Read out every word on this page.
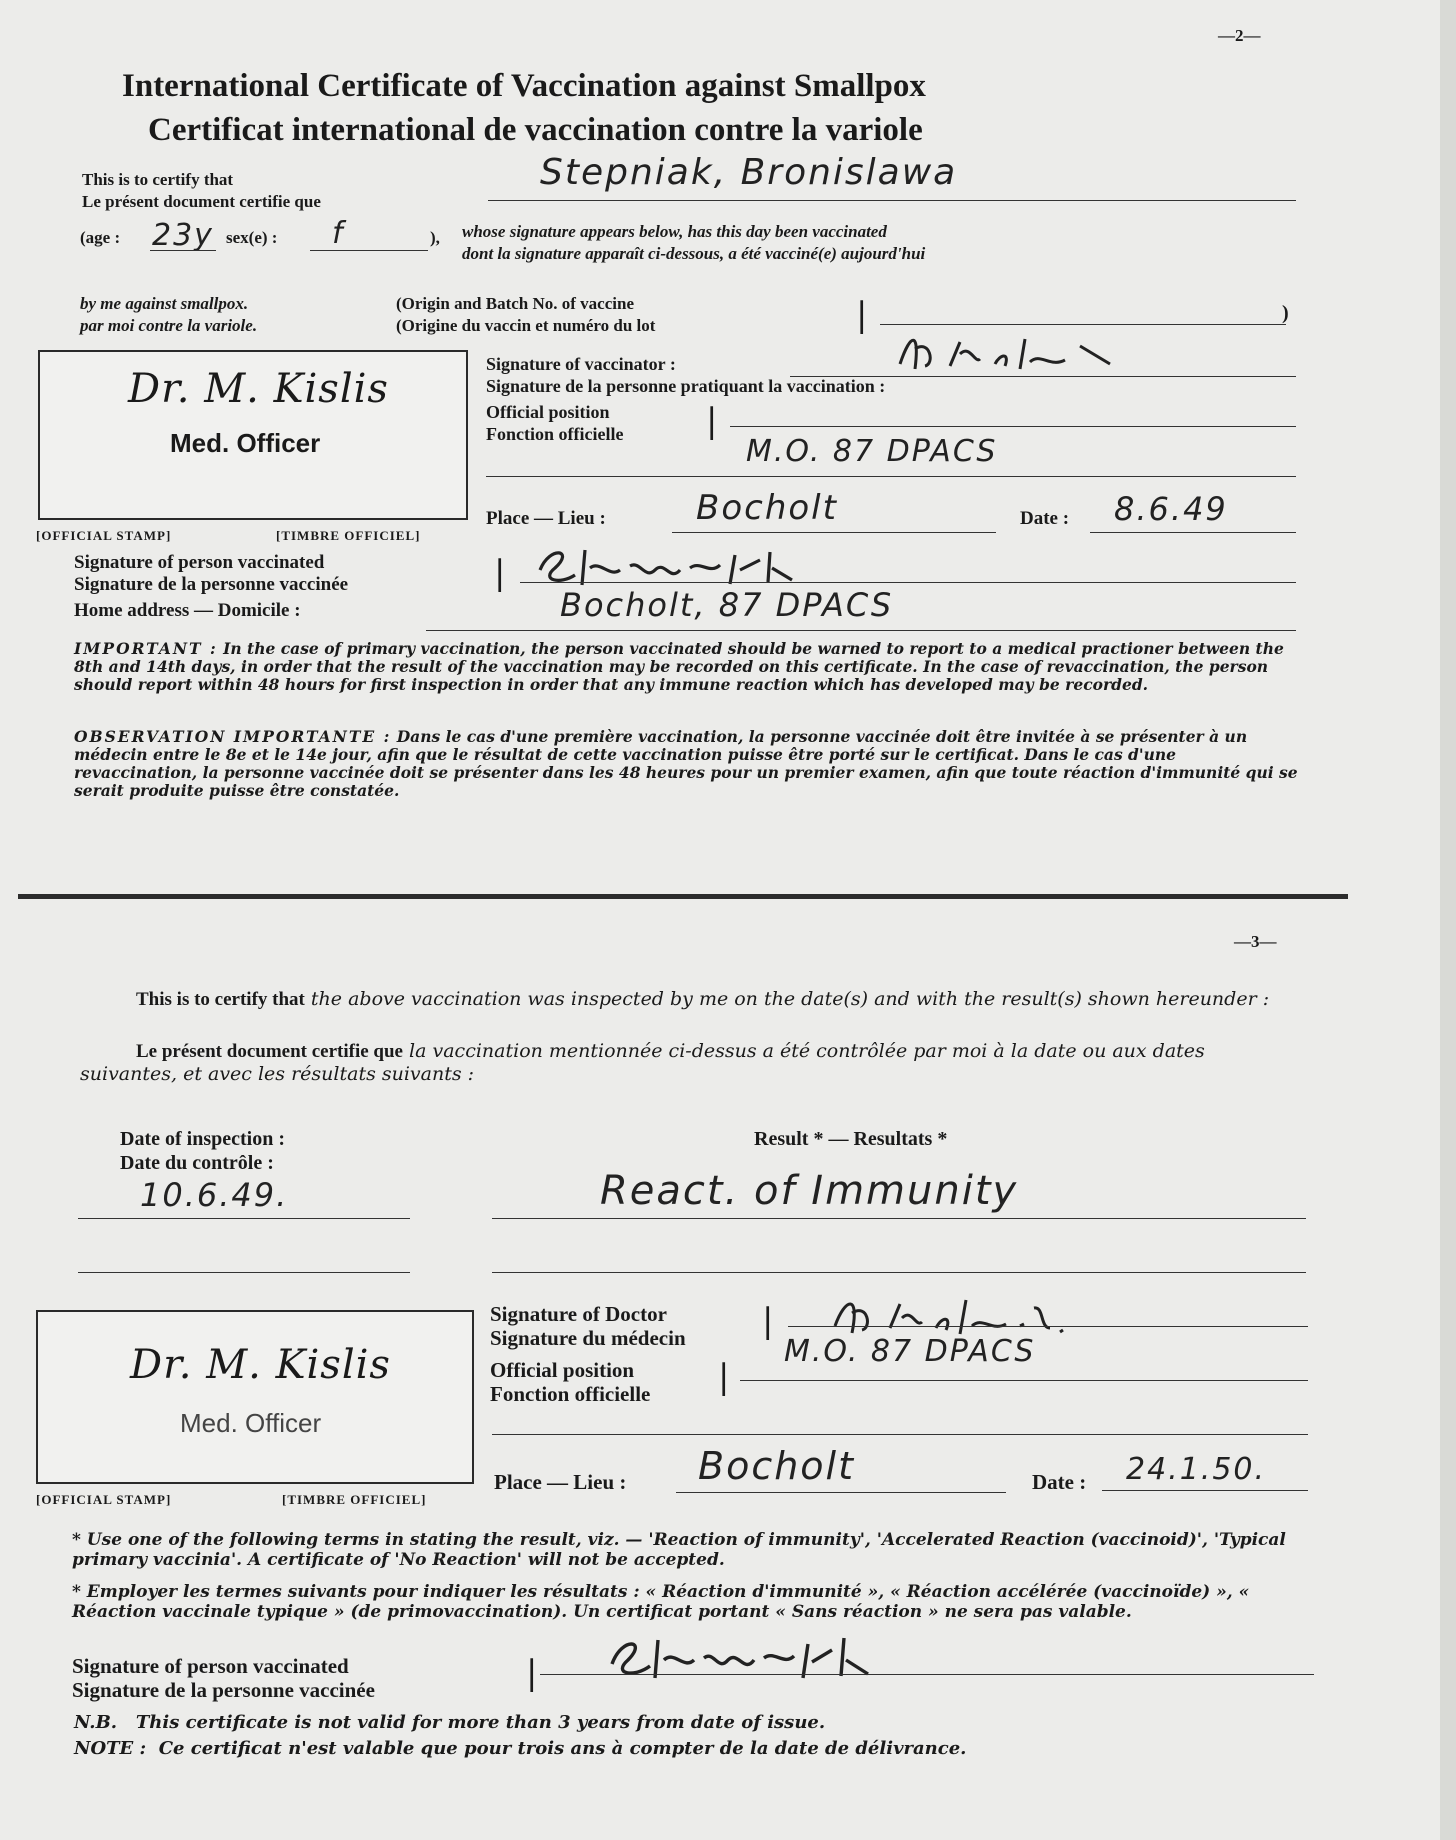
—2—
International Certificate of Vaccination against Smallpox
Certificat international de vaccination contre la variole
This is to certify that
Le présent document certifie que
Stepniak, Bronislawa
(age : 23y sex(e) : f	), whose signature appears below, has this day been vaccinated
dont la signature apparaît ci-dessous, a été vacciné(e) aujourd'hui
by me against smallpox.
par moi contre la variole.
(Origin and Batch No. of vaccine
(Origine du vaccin et numéro du lot	|	)
Dr. M. Kislis
Med. Officer
[OFFICIAL STAMP]	[TIMBRE OFFICIEL]
Signature of vaccinator :
Signature de la personne pratiquant la vaccination :
Official position
Fonction officielle |
M.O. 87 DPACS
Place — Lieu :	Bocholt	Date : 8.6.49
Signature of person vaccinated
Signature de la personne vaccinée	|
Home address — Domicile :	Bocholt, 87 DPACS
IMPORTANT : In the case of primary vaccination, the person vaccinated should be warned to report to a medical practioner between the 8th and 14th days, in order that the result of the vaccination may be recorded on this certificate. In the case of revaccination, the person should report within 48 hours for first inspection in order that any immune reaction which has developed may be recorded.
OBSERVATION IMPORTANTE : Dans le cas d'une première vaccination, la personne vaccinée doit être invitée à se présenter à un médecin entre le 8e et le 14e jour, afin que le résultat de cette vaccination puisse être porté sur le certificat. Dans le cas d'une revaccination, la personne vaccinée doit se présenter dans les 48 heures pour un premier examen, afin que toute réaction d'immunité qui se serait produite puisse être constatée.
—3—
This is to certify that the above vaccination was inspected by me on the date(s) and with the result(s) shown hereunder :
Le présent document certifie que la vaccination mentionnée ci-dessus a été contrôlée par moi à la date ou aux dates suivantes, et avec les résultats suivants :
Date of inspection :
Date du contrôle :
Result * — Resultats *
10.6.49.	React. of Immunity
Dr. M. Kislis
Med. Officer
[OFFICIAL STAMP]	[TIMBRE OFFICIEL]
Signature of Doctor
Signature du médecin |
M.O. 87 DPACS
Official position
Fonction officielle |
Place — Lieu : Bocholt	Date : 24.1.50.
* Use one of the following terms in stating the result, viz. — 'Reaction of immunity', 'Accelerated Reaction (vaccinoid)', 'Typical primary vaccinia'. A certificate of 'No Reaction' will not be accepted.
* Employer les termes suivants pour indiquer les résultats : « Réaction d'immunité », « Réaction accélérée (vaccinoïde) », « Réaction vaccinale typique » (de primovaccination). Un certificat portant « Sans réaction » ne sera pas valable.
Signature of person vaccinated
Signature de la personne vaccinée	|
N.B. This certificate is not valid for more than 3 years from date of issue.
NOTE : Ce certificat n'est valable que pour trois ans à compter de la date de délivrance.
